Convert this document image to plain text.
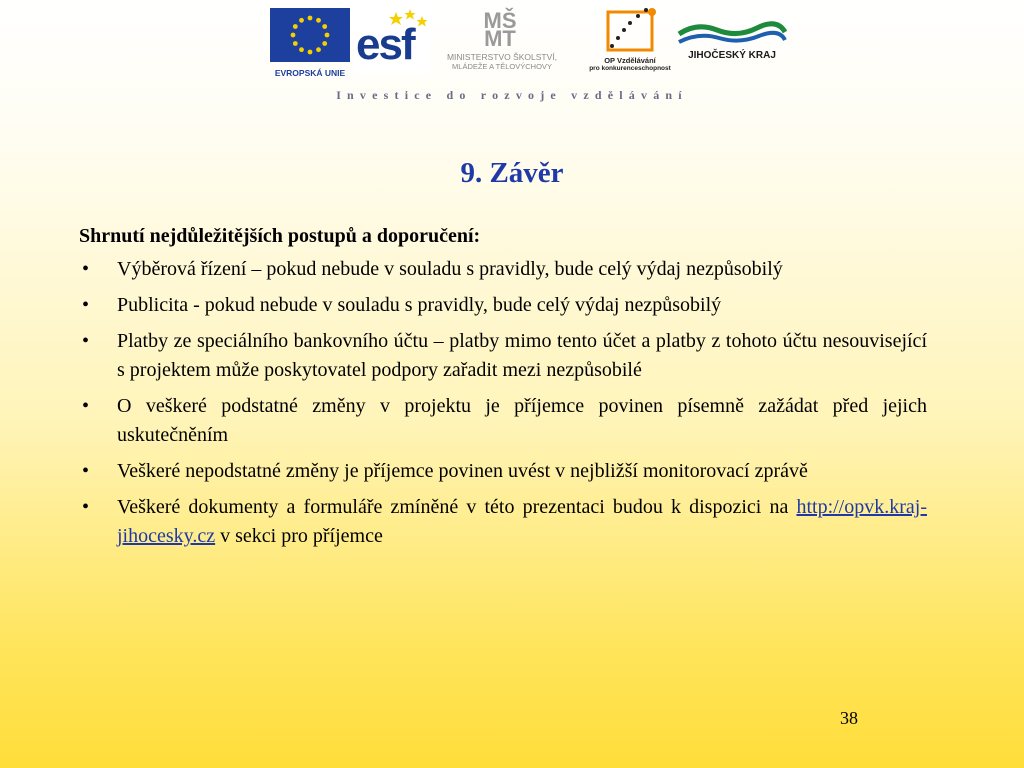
EVROPSKÁ UNIE
esf	MŠ
MT
MINISTERSTVO ŠKOLSTVÍ,
MLÁDEŽE A TĚLOVÝCHOVY
OP Vzdělávání
pro konkurenceschopnost
JIHOČESKÝ KRAJ
Investice do rozvoje vzdělávání
9. Závěr
Shrnutí nejdůležitějších postupů a doporučení:
• Výběrová řízení – pokud nebude v souladu s pravidly, bude celý výdaj nezpůsobilý
• Publicita - pokud nebude v souladu s pravidly, bude celý výdaj nezpůsobilý
• Platby ze speciálního bankovního účtu – platby mimo tento účet a platby z tohoto účtu nesouvisející s projektem může poskytovatel podpory zařadit mezi nezpůsobilé
• O veškeré podstatné změny v projektu je příjemce povinen písemně zažádat před jejich uskutečněním
• Veškeré nepodstatné změny je příjemce povinen uvést v nejbližší monitorovací zprávě
• Veškeré dokumenty a formuláře zmíněné v této prezentaci budou k dispozici na http://opvk.kraj-jihocesky.cz v sekci pro příjemce
38
